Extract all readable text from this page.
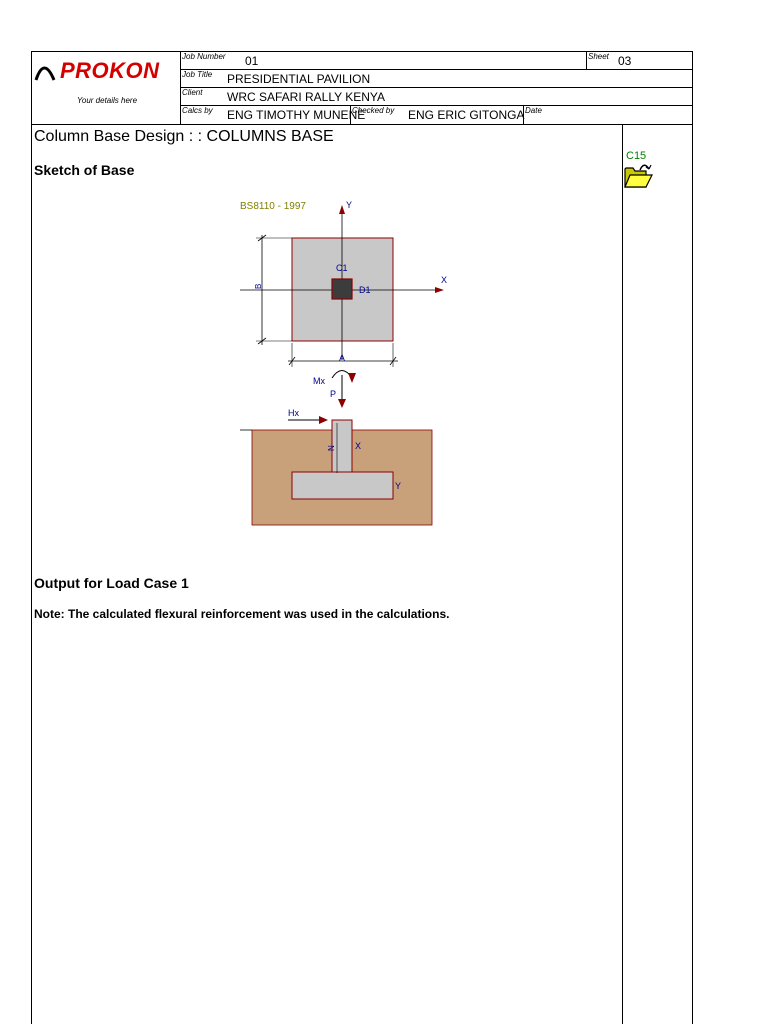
PROKON
Your details here
Job Number 01	Sheet 03
Job Title PRESIDENTIAL PAVILION
Client WRC SAFARI RALLY KENYA
Calcs by ENG TIMOTHY MUNENE
Checked by ENG ERIC GITONGA Date
Column Base Design : : COLUMNS BASE
Sketch of Base
C15
BS8110 - 1997	Y
X
C1
D1
B
A
Mx
P
N X
Y
Hx
Output for Load Case 1
Note: The calculated flexural reinforcement was used in the calculations.
